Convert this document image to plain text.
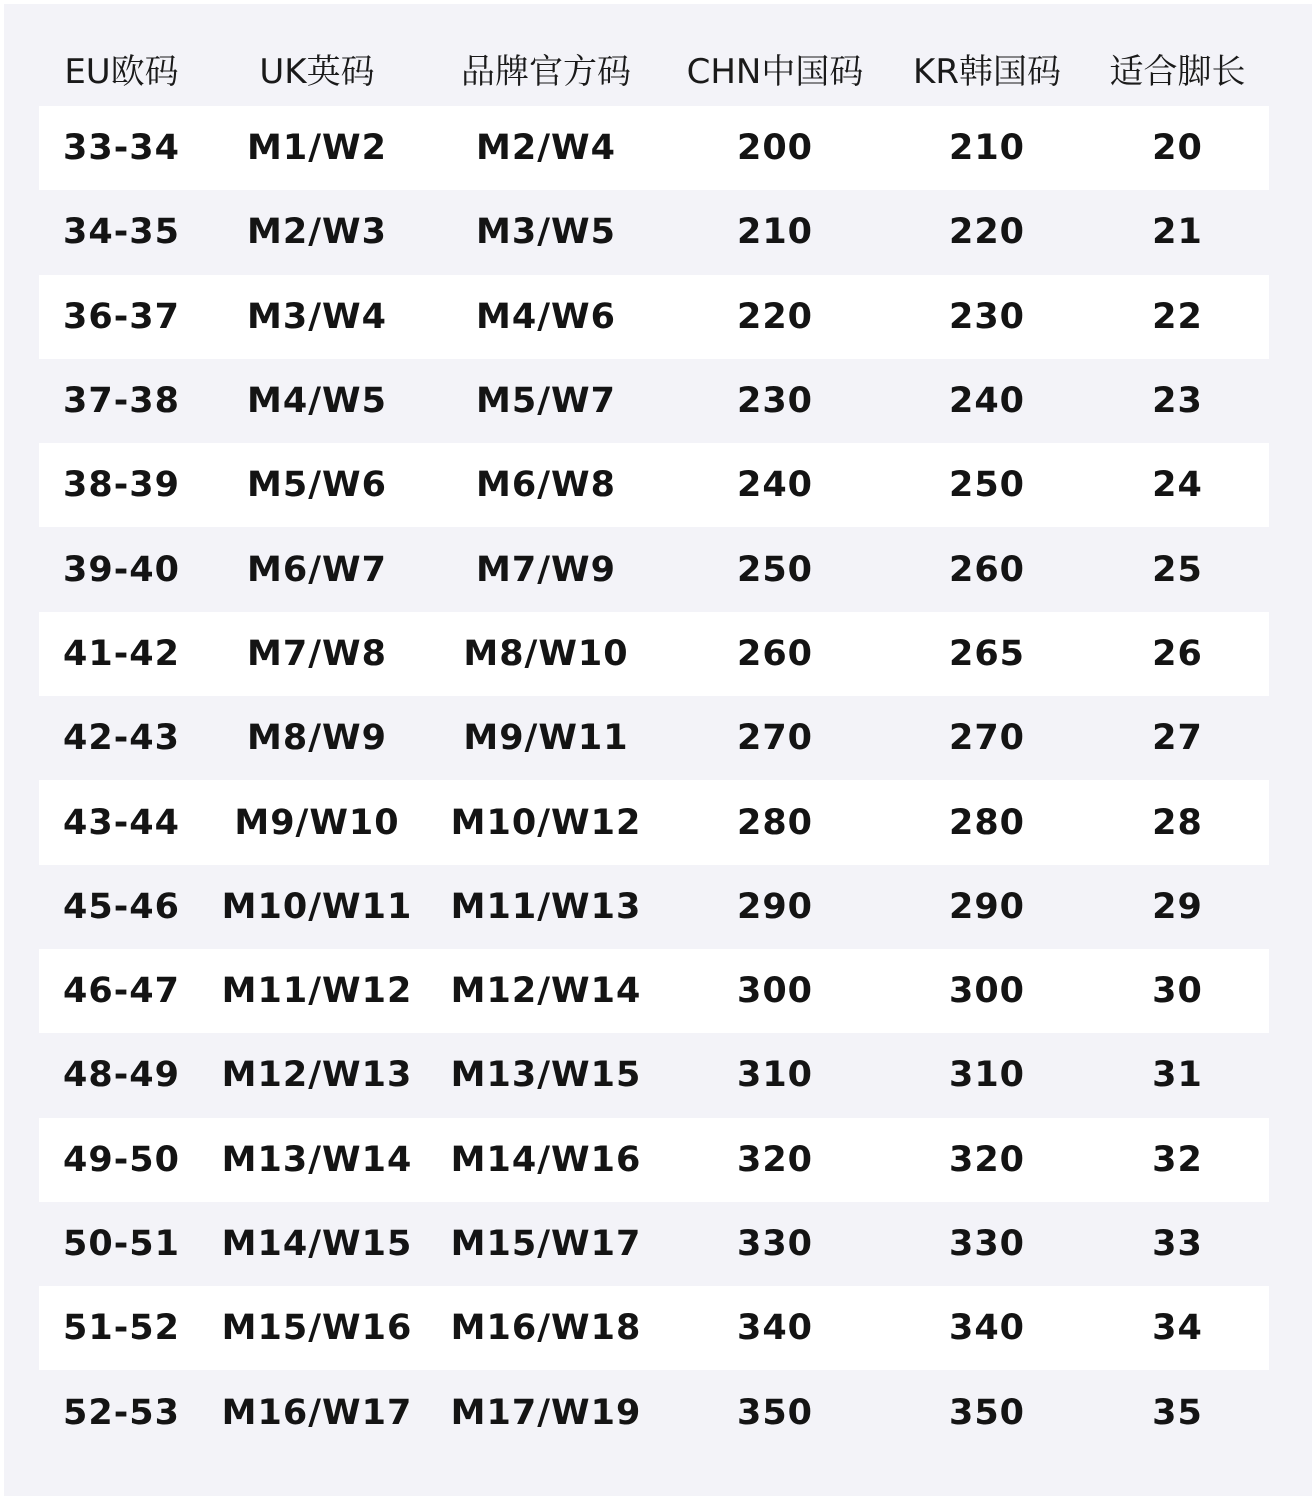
EU欧码	UK英码	品牌官方码	CHN中国码	KR韩国码	适合脚长
33-34	M1/W2	M2/W4	200	210	20
34-35	M2/W3	M3/W5	210	220	21
36-37	M3/W4	M4/W6	220	230	22
37-38	M4/W5	M5/W7	230	240	23
38-39	M5/W6	M6/W8	240	250	24
39-40	M6/W7	M7/W9	250	260	25
41-42	M7/W8	M8/W10	260	265	26
42-43	M8/W9	M9/W11	270	270	27
43-44	M9/W10	M10/W12	280	280	28
45-46	M10/W11	M11/W13	290	290	29
46-47	M11/W12	M12/W14	300	300	30
48-49	M12/W13	M13/W15	310	310	31
49-50	M13/W14	M14/W16	320	320	32
50-51	M14/W15	M15/W17	330	330	33
51-52	M15/W16	M16/W18	340	340	34
52-53	M16/W17	M17/W19	350	350	35
